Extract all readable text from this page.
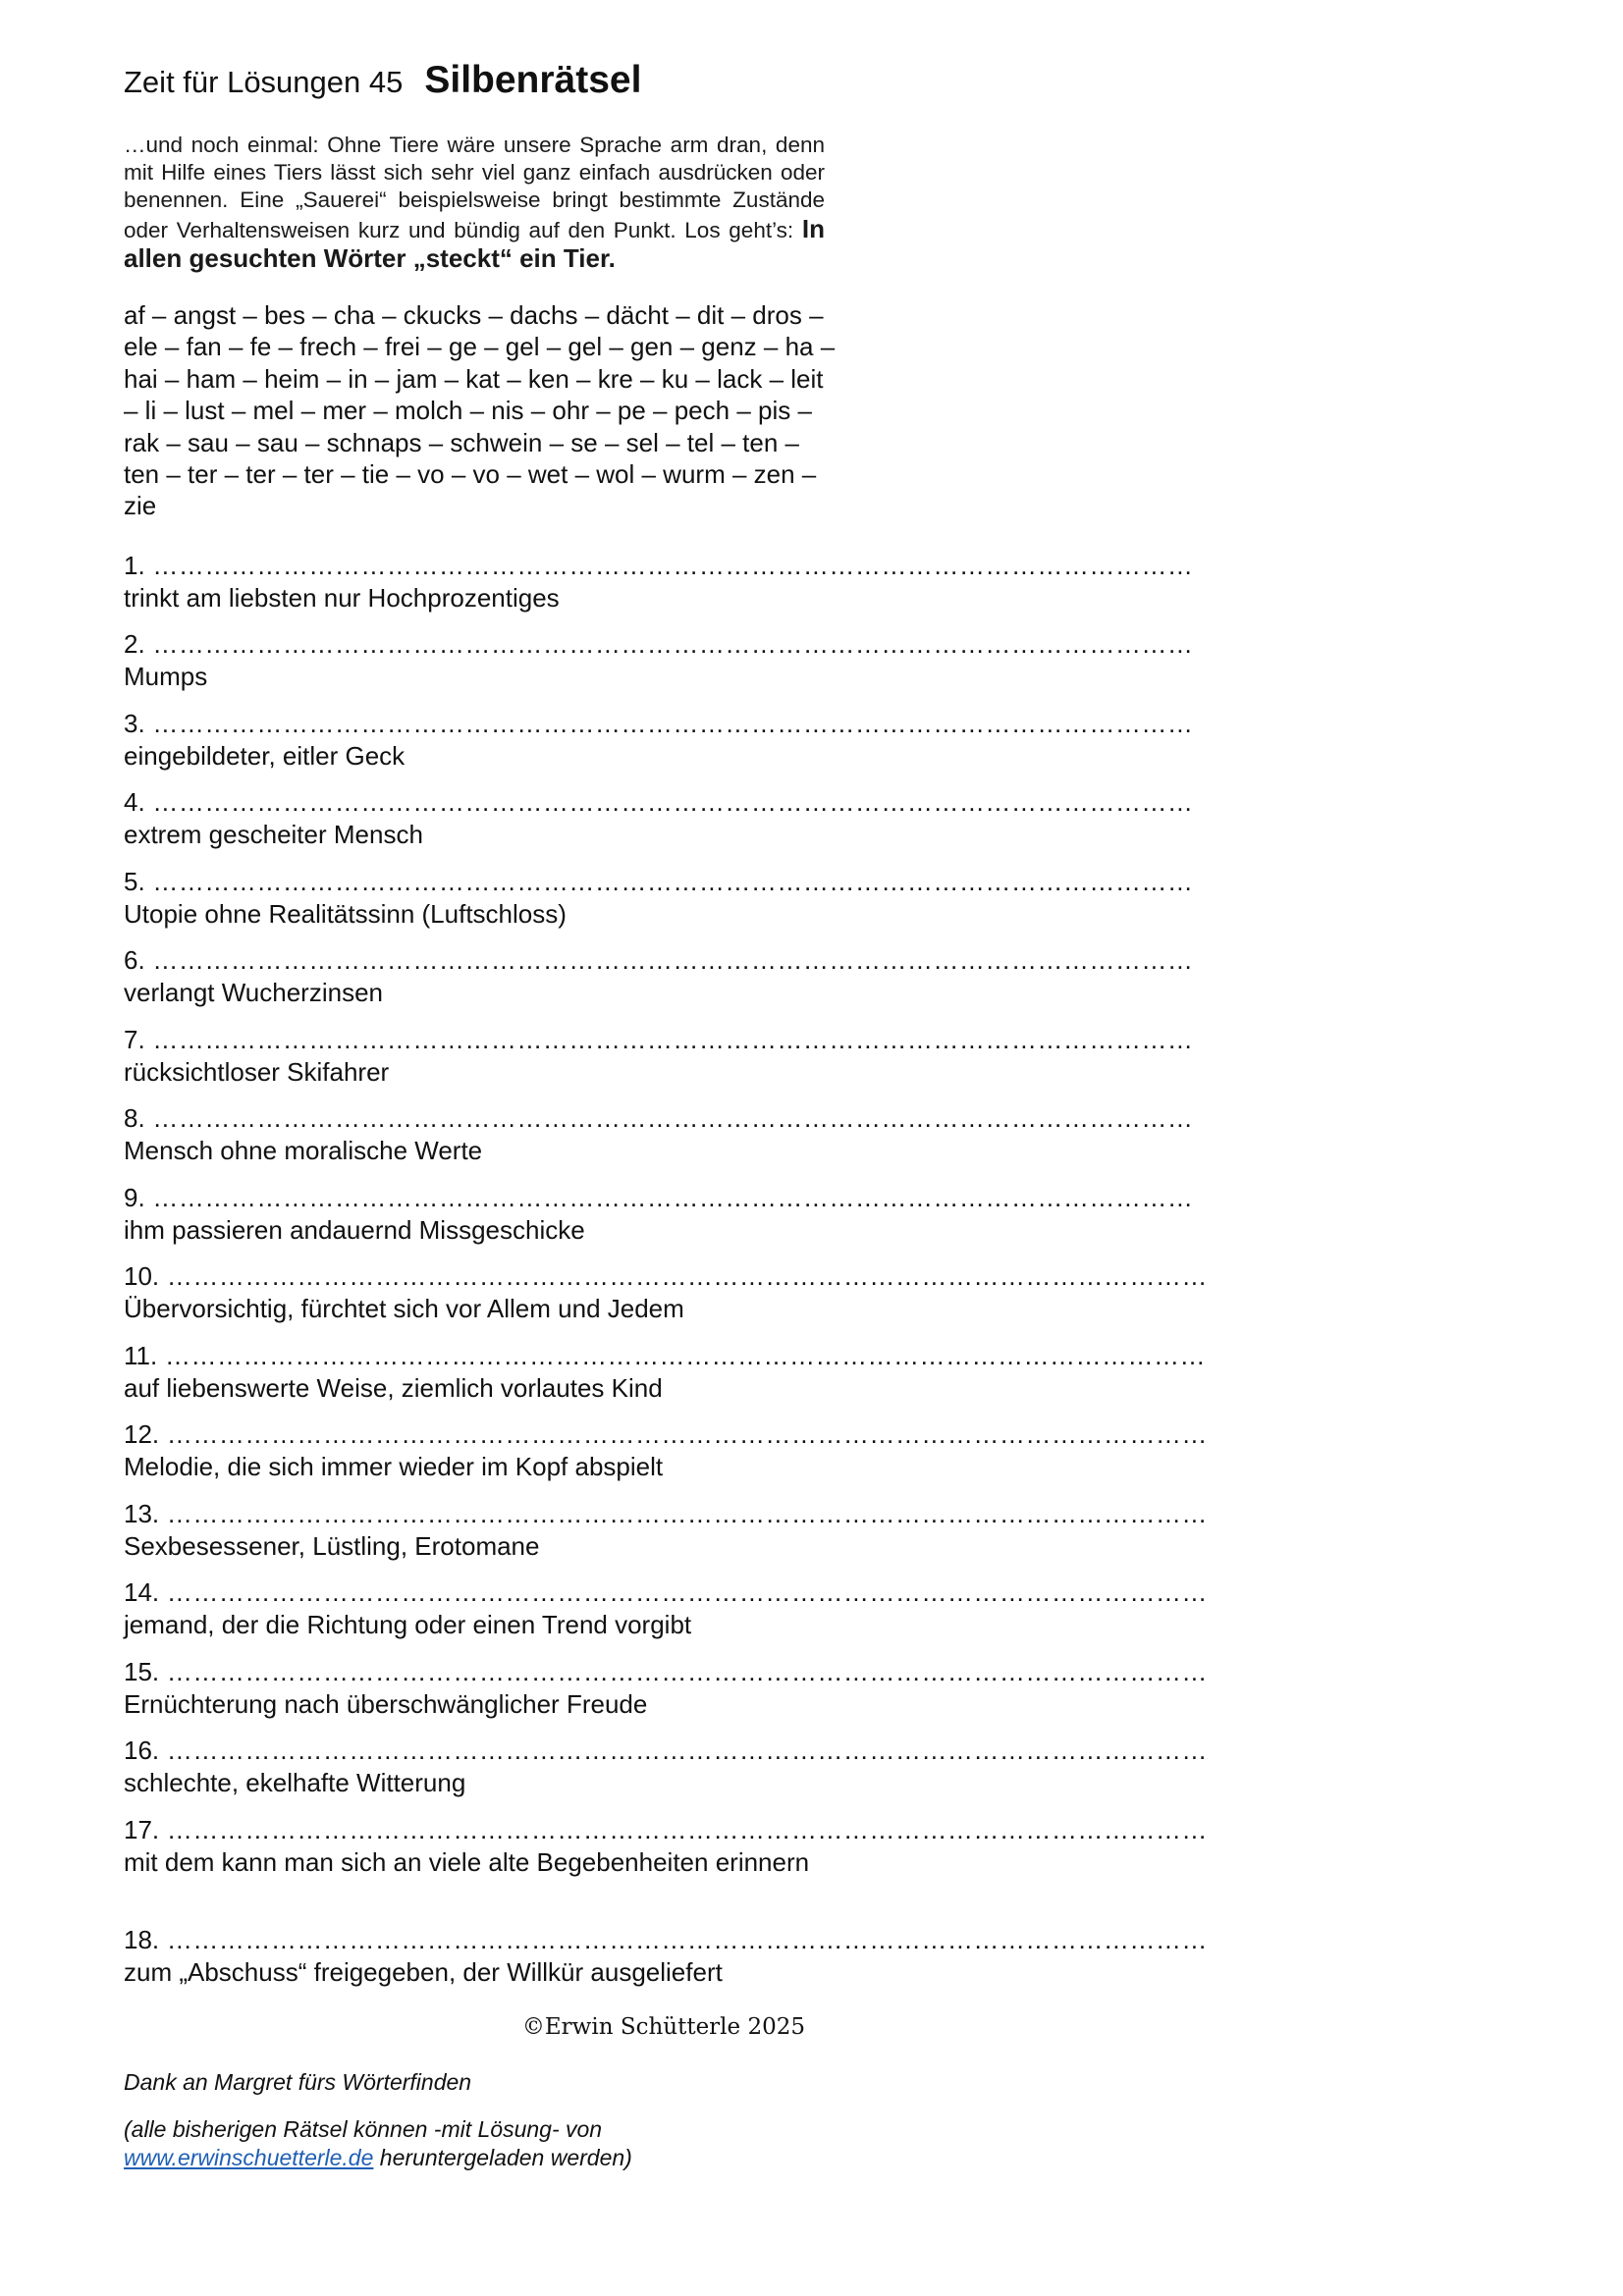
Zeit für Lösungen 45 Silbenrätsel
…und noch einmal: Ohne Tiere wäre unsere Sprache arm dran, denn mit Hilfe eines Tiers lässt sich sehr viel ganz einfach ausdrücken oder benennen. Eine „Sauerei“ beispielsweise bringt bestimmte Zustände oder Verhaltensweisen kurz und bündig auf den Punkt. Los geht’s: In allen gesuchten Wörter „steckt“ ein Tier.
af – angst – bes – cha – ckucks – dachs – dächt – dit – dros – ele – fan – fe – frech – frei – ge – gel – gel – gen – genz – ha – hai – ham – heim – in – jam – kat – ken – kre – ku – lack – leit – li – lust – mel – mer – molch – nis – ohr – pe – pech – pis – rak – sau – sau – schnaps – schwein – se – sel – tel – ten – ten – ter – ter – ter – tie – vo – vo – wet – wol – wurm – zen – zie
1. …………………………………………………………………………………………………………
trinkt am liebsten nur Hochprozentiges
2. …………………………………………………………………………………………………………
Mumps
3. …………………………………………………………………………………………………………
eingebildeter, eitler Geck
4. …………………………………………………………………………………………………………
extrem gescheiter Mensch
5. …………………………………………………………………………………………………………
Utopie ohne Realitätssinn (Luftschloss)
6. …………………………………………………………………………………………………………
verlangt Wucherzinsen
7. …………………………………………………………………………………………………………
rücksichtloser Skifahrer
8. …………………………………………………………………………………………………………
Mensch ohne moralische Werte
9. …………………………………………………………………………………………………………
ihm passieren andauernd Missgeschicke
10. …………………………………………………………………………………………………………
Übervorsichtig, fürchtet sich vor Allem und Jedem
11. …………………………………………………………………………………………………………
auf liebenswerte Weise, ziemlich vorlautes Kind
12. …………………………………………………………………………………………………………
Melodie, die sich immer wieder im Kopf abspielt
13. …………………………………………………………………………………………………………
Sexbesessener, Lüstling, Erotomane
14. …………………………………………………………………………………………………………
jemand, der die Richtung oder einen Trend vorgibt
15. …………………………………………………………………………………………………………
Ernüchterung nach überschwänglicher Freude
16. …………………………………………………………………………………………………………
schlechte, ekelhafte Witterung
17. …………………………………………………………………………………………………………
mit dem kann man sich an viele alte Begebenheiten erinnern
18. …………………………………………………………………………………………………………
zum „Abschuss“ freigegeben, der Willkür ausgeliefert
©Erwin Schütterle 2025
Dank an Margret fürs Wörterfinden
(alle bisherigen Rätsel können -mit Lösung- von
www.erwinschuetterle.de heruntergeladen werden)
